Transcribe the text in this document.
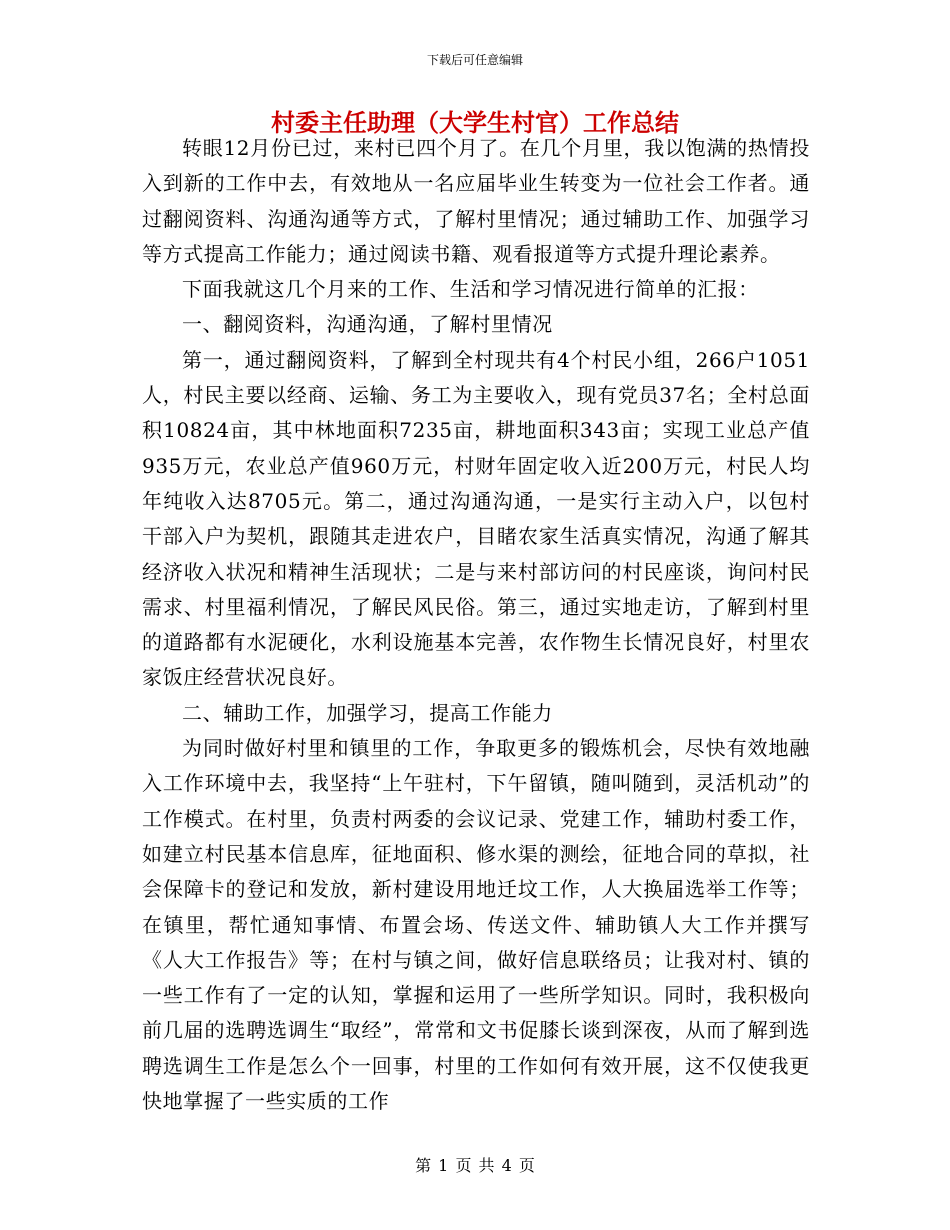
下载后可任意编辑
村委主任助理（大学生村官）工作总结

转眼12月份已过，来村已四个月了。在几个月里，我以饱满的热情投入到新的工作中去，有效地从一名应届毕业生转变为一位社会工作者。通过翻阅资料、沟通沟通等方式，了解村里情况；通过辅助工作、加强学习等方式提高工作能力；通过阅读书籍、观看报道等方式提升理论素养。

下面我就这几个月来的工作、生活和学习情况进行简单的汇报：

一、翻阅资料，沟通沟通，了解村里情况

第一，通过翻阅资料，了解到全村现共有4个村民小组，266户1051人，村民主要以经商、运输、务工为主要收入，现有党员37名；全村总面积10824亩，其中林地面积7235亩，耕地面积343亩；实现工业总产值935万元，农业总产值960万元，村财年固定收入近200万元，村民人均年纯收入达8705元。第二，通过沟通沟通，一是实行主动入户，以包村干部入户为契机，跟随其走进农户，目睹农家生活真实情况，沟通了解其经济收入状况和精神生活现状；二是与来村部访问的村民座谈，询问村民需求、村里福利情况，了解民风民俗。第三，通过实地走访，了解到村里的道路都有水泥硬化，水利设施基本完善，农作物生长情况良好，村里农家饭庄经营状况良好。

二、辅助工作，加强学习，提高工作能力

为同时做好村里和镇里的工作，争取更多的锻炼机会，尽快有效地融入工作环境中去，我坚持“上午驻村，下午留镇，随叫随到，灵活机动”的工作模式。在村里，负责村两委的会议记录、党建工作，辅助村委工作，如建立村民基本信息库，征地面积、修水渠的测绘，征地合同的草拟，社会保障卡的登记和发放，新村建设用地迁坟工作，人大换届选举工作等；在镇里，帮忙通知事情、布置会场、传送文件、辅助镇人大工作并撰写《人大工作报告》等；在村与镇之间，做好信息联络员；让我对村、镇的一些工作有了一定的认知，掌握和运用了一些所学知识。同时，我积极向前几届的选聘选调生“取经”，常常和文书促膝长谈到深夜，从而了解到选聘选调生工作是怎么个一回事，村里的工作如何有效开展，这不仅使我更快地掌握了一些实质的工作

第 1 页 共 4 页
